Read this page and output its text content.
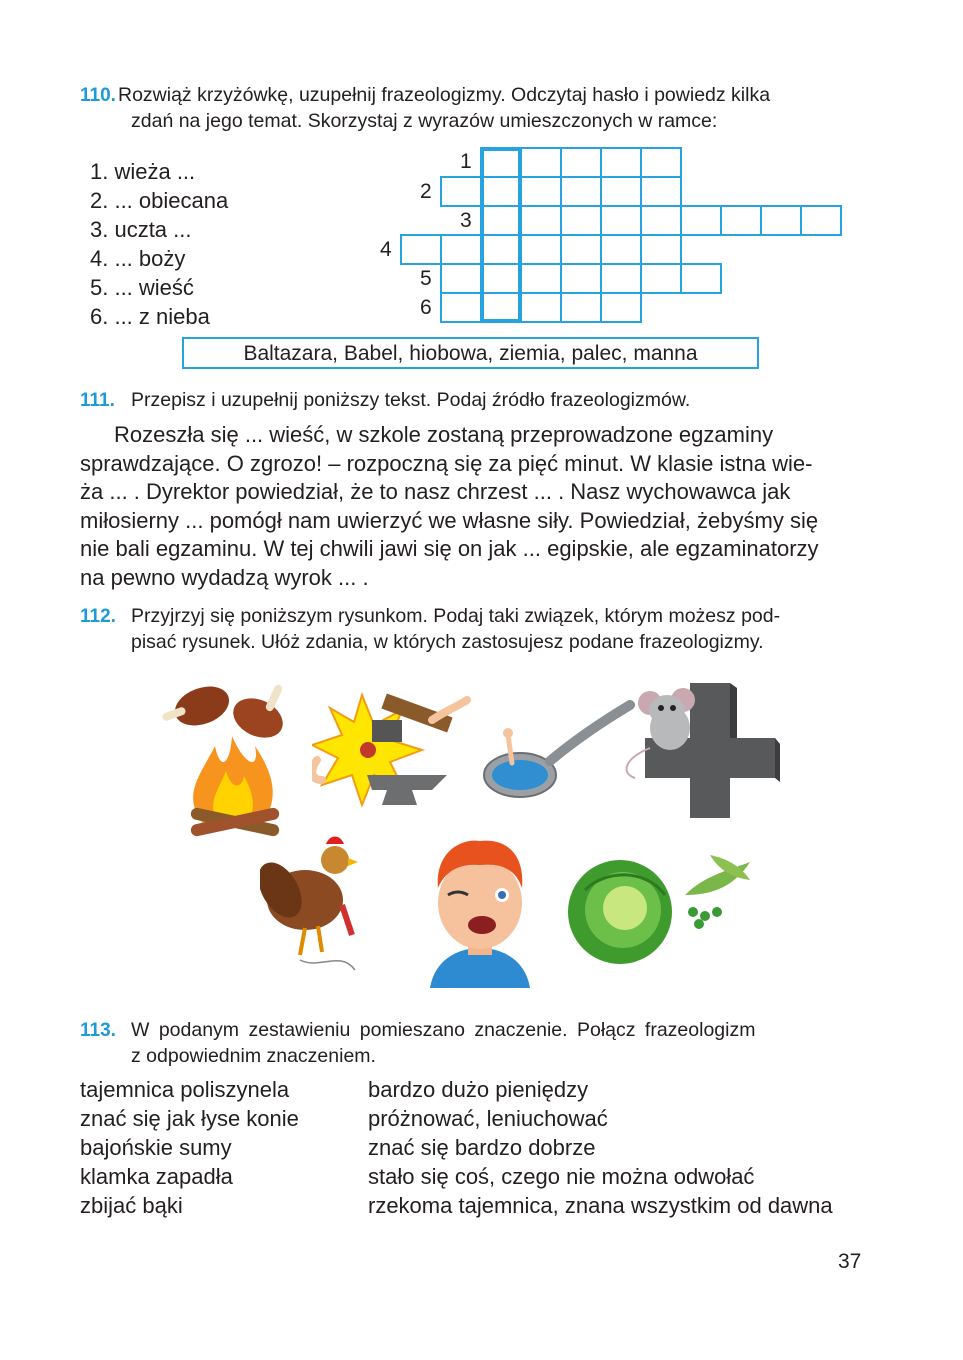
110. Rozwiąż krzyżówkę, uzupełnij frazeologizmy. Odczytaj hasło i powiedz kilka
zdań na jego temat. Skorzystaj z wyrazów umieszczonych w ramce:
1. wieża ...
2. ... obiecana
3. uczta ...
4. ... boży
5. ... wieść
6. ... z nieba
1
2
3
4
5
6
Baltazara, Babel, hiobowa, ziemia, palec, manna
111. Przepisz i uzupełnij poniższy tekst. Podaj źródło frazeologizmów.
Rozeszła się ... wieść, w szkole zostaną przeprowadzone egzaminy
sprawdzające. O zgrozo! – rozpoczną się za pięć minut. W klasie istna wie-
ża ... . Dyrektor powiedział, że to nasz chrzest ... . Nasz wychowawca jak
miłosierny ... pomógł nam uwierzyć we własne siły. Powiedział, żebyśmy się
nie bali egzaminu. W tej chwili jawi się on jak ... egipskie, ale egzaminatorzy
na pewno wydadzą wyrok ... .
112. Przyjrzyj się poniższym rysunkom. Podaj taki związek, którym możesz pod-
pisać rysunek. Ułóż zdania, w których zastosujesz podane frazeologizmy.
113. W podanym zestawieniu pomieszano znaczenie. Połącz frazeologizm
z odpowiednim znaczeniem.
tajemnica poliszynela
znać się jak łyse konie
bajońskie sumy
klamka zapadła
zbijać bąki
bardzo dużo pieniędzy
próżnować, leniuchować
znać się bardzo dobrze
stało się coś, czego nie można odwołać
rzekoma tajemnica, znana wszystkim od dawna
37
